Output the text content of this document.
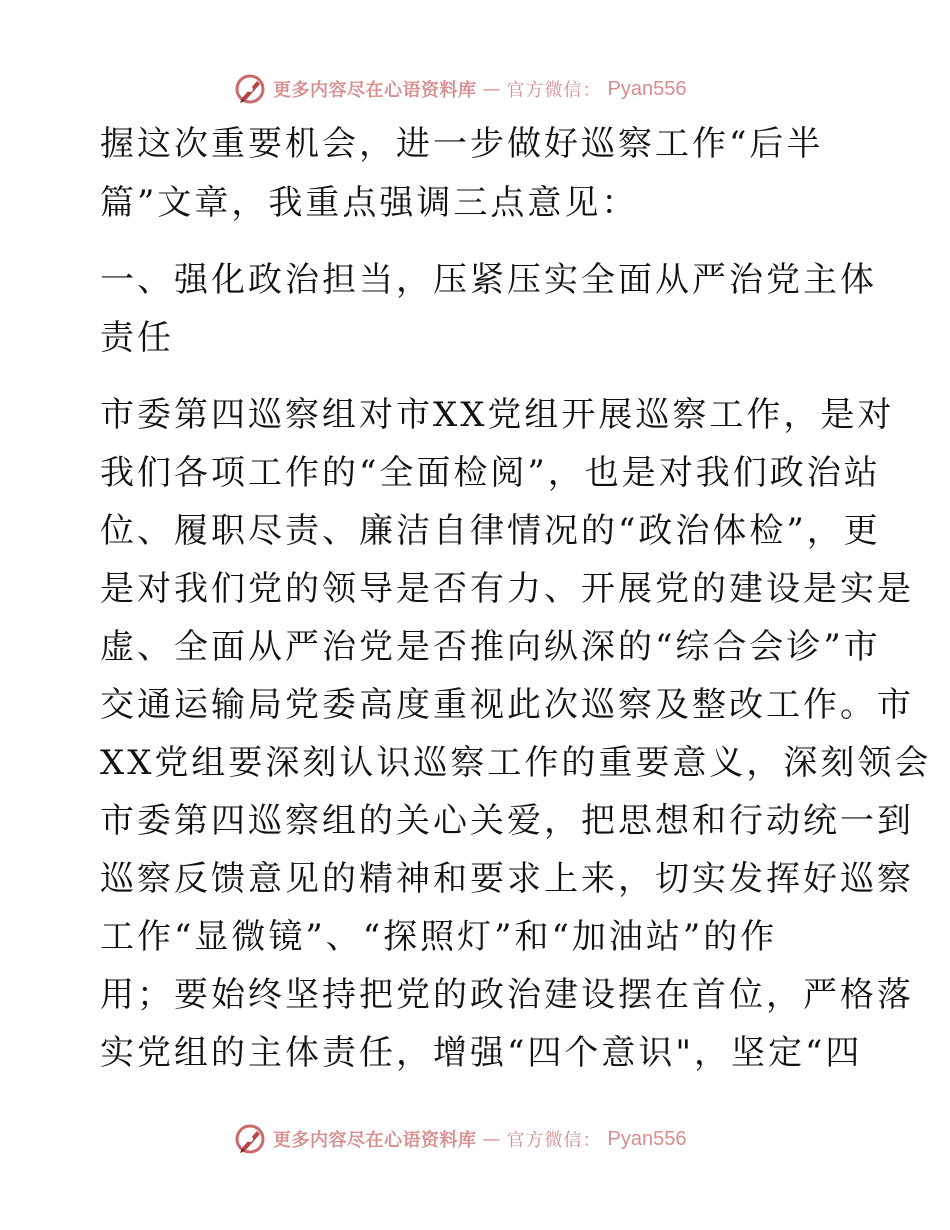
更多内容尽在心语资料库 — 官方微信： Pyan556
握这次重要机会，进一步做好巡察工作“后半
篇”文章，我重点强调三点意见：
一、强化政治担当，压紧压实全面从严治党主体
责任
市委第四巡察组对市XX党组开展巡察工作，是对
我们各项工作的“全面检阅”，也是对我们政治站
位、履职尽责、廉洁自律情况的“政治体检”，更
是对我们党的领导是否有力、开展党的建设是实是
虚、全面从严治党是否推向纵深的“综合会诊”市
交通运输局党委高度重视此次巡察及整改工作。市
XX党组要深刻认识巡察工作的重要意义，深刻领会
市委第四巡察组的关心关爱，把思想和行动统一到
巡察反馈意见的精神和要求上来，切实发挥好巡察
工作“显微镜”、“探照灯”和“加油站”的作
用；要始终坚持把党的政治建设摆在首位，严格落
实党组的主体责任，增强“四个意识"，坚定“四
更多内容尽在心语资料库 — 官方微信： Pyan556
